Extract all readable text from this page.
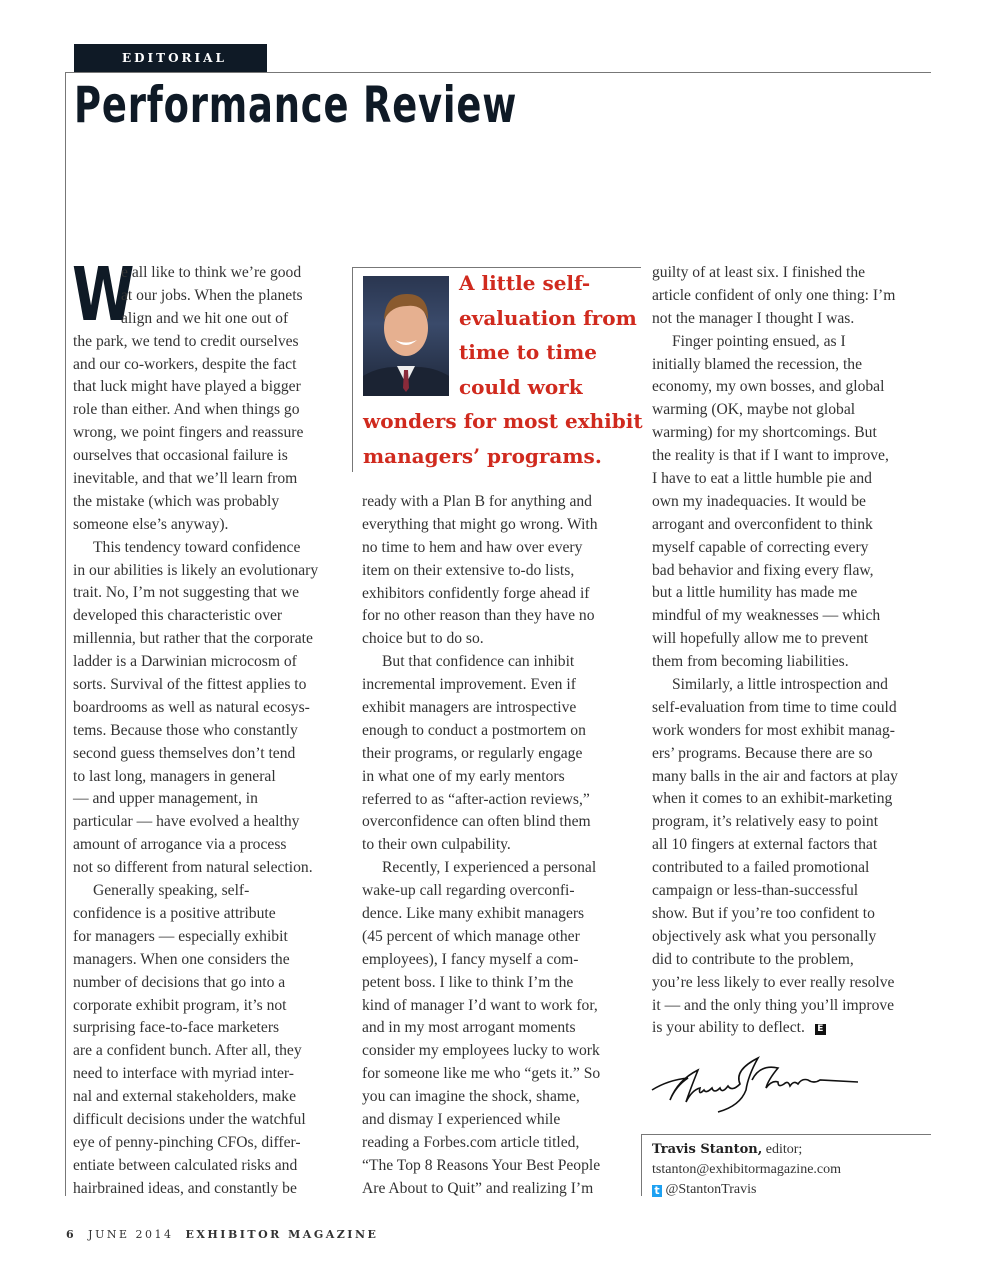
EDITORIAL
Performance Review
W
e all like to think we’re good
at our jobs. When the planets
align and we hit one out of
the park, we tend to credit ourselves
and our co-workers, despite the fact
that luck might have played a bigger
role than either. And when things go
wrong, we point fingers and reassure
ourselves that occasional failure is
inevitable, and that we’ll learn from
the mistake (which was probably
someone else’s anyway).
This tendency toward confidence
in our abilities is likely an evolutionary
trait. No, I’m not suggesting that we
developed this characteristic over
millennia, but rather that the corporate
ladder is a Darwinian microcosm of
sorts. Survival of the fittest applies to
boardrooms as well as natural ecosys-
tems. Because those who constantly
second guess themselves don’t tend
to last long, managers in general
— and upper management, in
particular — have evolved a healthy
amount of arrogance via a process
not so different from natural selection.
Generally speaking, self-
confidence is a positive attribute
for managers — especially exhibit
managers. When one considers the
number of decisions that go into a
corporate exhibit program, it’s not
surprising face-to-face marketers
are a confident bunch. After all, they
need to interface with myriad inter-
nal and external stakeholders, make
difficult decisions under the watchful
eye of penny-pinching CFOs, differ-
entiate between calculated risks and
hairbrained ideas, and constantly be
A little self-
evaluation from
time to time
could work
wonders for most exhibit
managers’ programs.
ready with a Plan B for anything and
everything that might go wrong. With
no time to hem and haw over every
item on their extensive to-do lists,
exhibitors confidently forge ahead if
for no other reason than they have no
choice but to do so.
But that confidence can inhibit
incremental improvement. Even if
exhibit managers are introspective
enough to conduct a postmortem on
their programs, or regularly engage
in what one of my early mentors
referred to as “after-action reviews,”
overconfidence can often blind them
to their own culpability.
Recently, I experienced a personal
wake-up call regarding overconfi-
dence. Like many exhibit managers
(45 percent of which manage other
employees), I fancy myself a com-
petent boss. I like to think I’m the
kind of manager I’d want to work for,
and in my most arrogant moments
consider my employees lucky to work
for someone like me who “gets it.” So
you can imagine the shock, shame,
and dismay I experienced while
reading a Forbes.com article titled,
“The Top 8 Reasons Your Best People
Are About to Quit” and realizing I’m
guilty of at least six. I finished the
article confident of only one thing: I’m
not the manager I thought I was.
Finger pointing ensued, as I
initially blamed the recession, the
economy, my own bosses, and global
warming (OK, maybe not global
warming) for my shortcomings. But
the reality is that if I want to improve,
I have to eat a little humble pie and
own my inadequacies. It would be
arrogant and overconfident to think
myself capable of correcting every
bad behavior and fixing every flaw,
but a little humility has made me
mindful of my weaknesses — which
will hopefully allow me to prevent
them from becoming liabilities.
Similarly, a little introspection and
self-evaluation from time to time could
work wonders for most exhibit manag-
ers’ programs. Because there are so
many balls in the air and factors at play
when it comes to an exhibit-marketing
program, it’s relatively easy to point
all 10 fingers at external factors that
contributed to a failed promotional
campaign or less-than-successful
show. But if you’re too confident to
objectively ask what you personally
did to contribute to the problem,
you’re less likely to ever really resolve
it — and the only thing you’ll improve
is your ability to deflect. E
Travis Stanton, editor;
tstanton@exhibitormagazine.com
t @StantonTravis
6 JUNE 2014 EXHIBITOR MAGAZINE
